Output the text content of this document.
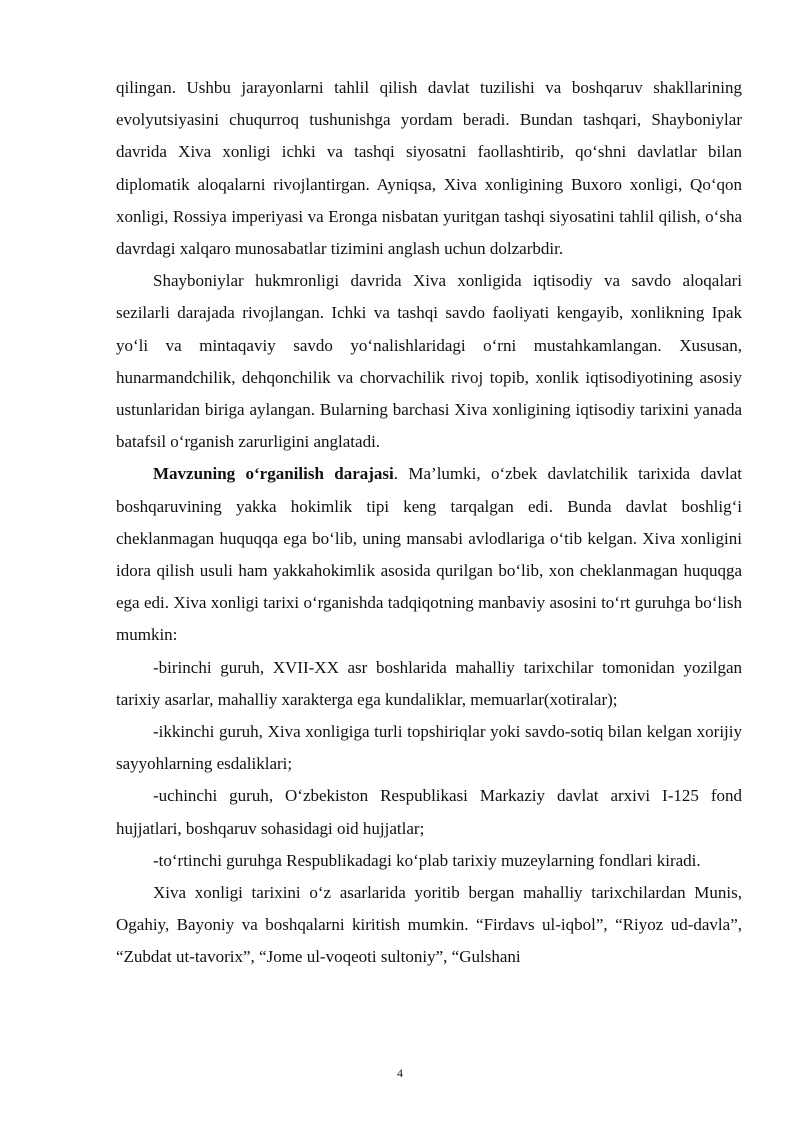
qilingan. Ushbu jarayonlarni tahlil qilish davlat tuzilishi va boshqaruv shakllarining evolyutsiyasini chuqurroq tushunishga yordam beradi. Bundan tashqari, Shayboniylar davrida Xiva xonligi ichki va tashqi siyosatni faollashtirib, qo‘shni davlatlar bilan diplomatik aloqalarni rivojlantirgan. Ayniqsa, Xiva xonligining Buxoro xonligi, Qo‘qon xonligi, Rossiya imperiyasi va Eronga nisbatan yuritgan tashqi siyosatini tahlil qilish, o‘sha davrdagi xalqaro munosabatlar tizimini anglash uchun dolzarbdir.

Shayboniylar hukmronligi davrida Xiva xonligida iqtisodiy va savdo aloqalari sezilarli darajada rivojlangan. Ichki va tashqi savdo faoliyati kengayib, xonlikning Ipak yo‘li va mintaqaviy savdo yo‘nalishlaridagi o‘rni mustahkamlangan. Xususan, hunarmandchilik, dehqonchilik va chorvachilik rivoj topib, xonlik iqtisodiyotining asosiy ustunlaridan biriga aylangan. Bularning barchasi Xiva xonligining iqtisodiy tarixini yanada batafsil o‘rganish zarurligini anglatadi.

Mavzuning o‘rganilish darajasi. Ma’lumki, o‘zbek davlatchilik tarixida davlat boshqaruvining yakka hokimlik tipi keng tarqalgan edi. Bunda davlat boshlig‘i cheklanmagan huquqqa ega bo‘lib, uning mansabi avlodlariga o‘tib kelgan. Xiva xonligini idora qilish usuli ham yakkahokimlik asosida qurilgan bo‘lib, xon cheklanmagan huquqga ega edi. Xiva xonligi tarixi o‘rganishda tadqiqotning manbaviy asosini to‘rt guruhga bo‘lish mumkin:

-birinchi guruh, XVII-XX asr boshlarida mahalliy tarixchilar tomonidan yozilgan tarixiy asarlar, mahalliy xarakterga ega kundaliklar, memuarlar(xotiralar);

-ikkinchi guruh, Xiva xonligiga turli topshiriqlar yoki savdo-sotiq bilan kelgan xorijiy sayyohlarning esdaliklari;

-uchinchi guruh, O‘zbekiston Respublikasi Markaziy davlat arxivi I-125 fond hujjatlari, boshqaruv sohasidagi oid hujjatlar;

-to‘rtinchi guruhga Respublikadagi ko‘plab tarixiy muzeylarning fondlari kiradi.

Xiva xonligi tarixini o‘z asarlarida yoritib bergan mahalliy tarixchilardan Munis, Ogahiy, Bayoniy va boshqalarni kiritish mumkin. “Firdavs ul-iqbol”, “Riyoz ud-davla”, “Zubdat ut-tavorix”, “Jome ul-voqeoti sultoniy”, “Gulshani

4
